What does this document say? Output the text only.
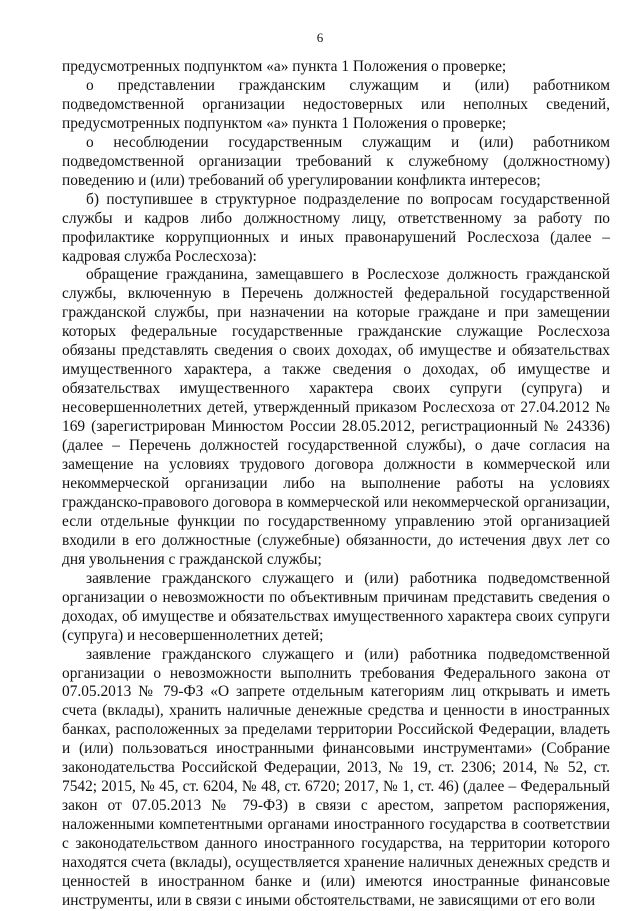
6

предусмотренных подпунктом «а» пункта 1 Положения о проверке;

о представлении гражданским служащим и (или) работником подведомственной организации недостоверных или неполных сведений, предусмотренных подпунктом «а» пункта 1 Положения о проверке;

о несоблюдении государственным служащим и (или) работником подведомственной организации требований к служебному (должностному) поведению и (или) требований об урегулировании конфликта интересов;

б) поступившее в структурное подразделение по вопросам государственной службы и кадров либо должностному лицу, ответственному за работу по профилактике коррупционных и иных правонарушений Рослесхоза (далее – кадровая служба Рослесхоза):

обращение гражданина, замещавшего в Рослесхозе должность гражданской службы, включенную в Перечень должностей федеральной государственной гражданской службы, при назначении на которые граждане и при замещении которых федеральные государственные гражданские служащие Рослесхоза обязаны представлять сведения о своих доходах, об имуществе и обязательствах имущественного характера, а также сведения о доходах, об имуществе и обязательствах имущественного характера своих супруги (супруга) и несовершеннолетних детей, утвержденный приказом Рослесхоза от 27.04.2012 № 169 (зарегистрирован Минюстом России 28.05.2012, регистрационный № 24336) (далее – Перечень должностей государственной службы), о даче согласия на замещение на условиях трудового договора должности в коммерческой или некоммерческой организации либо на выполнение работы на условиях гражданско-правового договора в коммерческой или некоммерческой организации, если отдельные функции по государственному управлению этой организацией входили в его должностные (служебные) обязанности, до истечения двух лет со дня увольнения с гражданской службы;

заявление гражданского служащего и (или) работника подведомственной организации о невозможности по объективным причинам представить сведения о доходах, об имуществе и обязательствах имущественного характера своих супруги (супруга) и несовершеннолетних детей;

заявление гражданского служащего и (или) работника подведомственной организации о невозможности выполнить требования Федерального закона от 07.05.2013 № 79-ФЗ «О запрете отдельным категориям лиц открывать и иметь счета (вклады), хранить наличные денежные средства и ценности в иностранных банках, расположенных за пределами территории Российской Федерации, владеть и (или) пользоваться иностранными финансовыми инструментами» (Собрание законодательства Российской Федерации, 2013, № 19, ст. 2306; 2014, № 52, ст. 7542; 2015, № 45, ст. 6204, № 48, ст. 6720; 2017, № 1, ст. 46) (далее – Федеральный закон от 07.05.2013 № 79-ФЗ) в связи с арестом, запретом распоряжения, наложенными компетентными органами иностранного государства в соответствии с законодательством данного иностранного государства, на территории которого находятся счета (вклады), осуществляется хранение наличных денежных средств и ценностей в иностранном банке и (или) имеются иностранные финансовые инструменты, или в связи с иными обстоятельствами, не зависящими от его воли
